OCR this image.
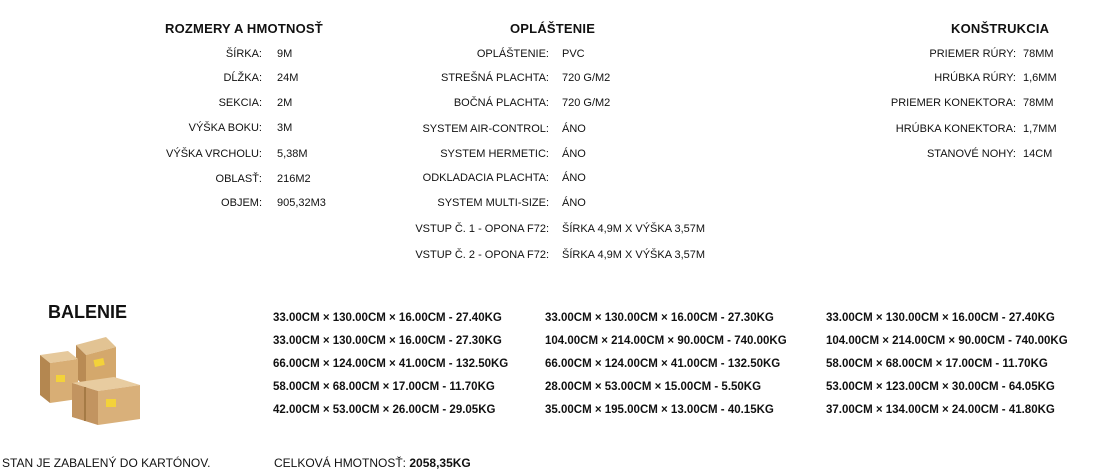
ROZMERY A HMOTNOSŤ
ŠÍRKA: 9M
DĹŽKA: 24M
SEKCIA: 2M
VÝŠKA BOKU: 3M
VÝŠKA VRCHOLU: 5,38M
OBLASŤ: 216M2
OBJEM: 905,32M3
OPLÁŠTENIE
OPLÁŠTENIE: PVC
STREŠNÁ PLACHTA: 720 G/M2
BOČNÁ PLACHTA: 720 G/M2
SYSTEM AIR-CONTROL: ÁNO
SYSTEM HERMETIC: ÁNO
ODKLADACIA PLACHTA: ÁNO
SYSTEM MULTI-SIZE: ÁNO
VSTUP Č. 1 - OPONA F72: ŠÍRKA 4,9M X VÝŠKA 3,57M
VSTUP Č. 2 - OPONA F72: ŠÍRKA 4,9M X VÝŠKA 3,57M
KONŠTRUKCIA
PRIEMER RÚRY: 78MM
HRÚBKA RÚRY: 1,6MM
PRIEMER KONEKTORA: 78MM
HRÚBKA KONEKTORA: 1,7MM
STANOVÉ NOHY: 14CM
BALENIE	33.00CM × 130.00CM × 16.00CM - 27.40KG
33.00CM × 130.00CM × 16.00CM - 27.30KG
66.00CM × 124.00CM × 41.00CM - 132.50KG
58.00CM × 68.00CM × 17.00CM - 11.70KG
42.00CM × 53.00CM × 26.00CM - 29.05KG
33.00CM × 130.00CM × 16.00CM - 27.30KG
104.00CM × 214.00CM × 90.00CM - 740.00KG
66.00CM × 124.00CM × 41.00CM - 132.50KG
28.00CM × 53.00CM × 15.00CM - 5.50KG
35.00CM × 195.00CM × 13.00CM - 40.15KG
33.00CM × 130.00CM × 16.00CM - 27.40KG
104.00CM × 214.00CM × 90.00CM - 740.00KG
58.00CM × 68.00CM × 17.00CM - 11.70KG
53.00CM × 123.00CM × 30.00CM - 64.05KG
37.00CM × 134.00CM × 24.00CM - 41.80KG
STAN JE ZABALENÝ DO KARTÓNOV.	CELKOVÁ HMOTNOSŤ: 2058,35KG
